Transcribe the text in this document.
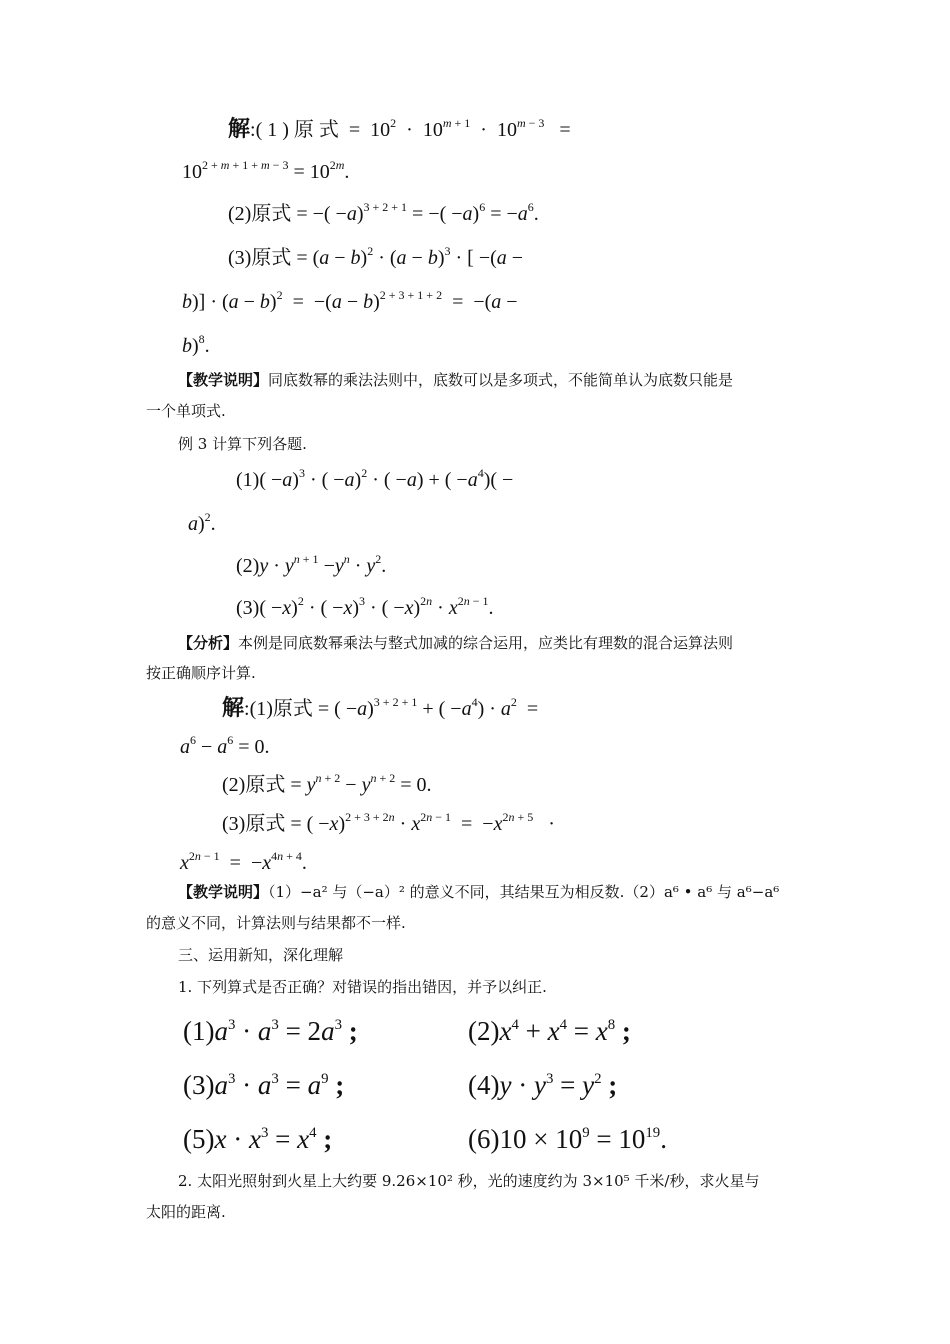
解:( 1 ) 原 式  =  $10^2 \cdot 10^{m + 1} \cdot 10^{m - 3}$   =
$10^{2 + m + 1 + m - 3} = 10^{2m}$.
(2)原式 = −( −a)$^{3 + 2 + 1}$ = −( $-a)^6 = -a^6$.
(3)原式 = $(a - b)^2 \cdot (a - b)^3$ · [ −(a −
$b)] \cdot (a - b)^2 = -(a - b)^{2 + 3 + 1 + 2} = -(a$ −
b)$^8$.
【教学说明】同底数幂的乘法法则中，底数可以是多项式，不能简单认为底数只能是
一个单项式.
例 3 计算下列各题.
$(1)( -a)^3$ · ( −a)$^2$ · ( −a) + ( $-a^4$)( −
a)$^2$.
$(2)y \cdot y^{n + 1} -y^n \cdot y^2$.
$(3)( -x)^2$ · ( −x)$^3$ · ( $-x)^{2n} \cdot x^{2n - 1}$.
【分析】本例是同底数幂乘法与整式加减的综合运用，应类比有理数的混合运算法则
按正确顺序计算.
解:(1)原式 = ( −a)$^{3 + 2 + 1}$ + ( $-a^4) \cdot a^2$  =
$a^6 - a^6 = 0$.
(2)原式 = $y^{n + 2} - y^{n + 2} = 0$.
(3)原式 = ( $-x)^{2 + 3 + 2n} \cdot x^{2n - 1} = -x^{2n + 5}$   ·
$x^{2n - 1} = -x^{4n + 4}$.
【教学说明】（1）−a² 与（−a）² 的意义不同，其结果互为相反数.（2）a⁶ • a⁶ 与 a⁶−a⁶
的意义不同，计算法则与结果都不一样.
三、运用新知，深化理解
1. 下列算式是否正确？对错误的指出错因，并予以纠正.
$(1)a^3 \cdot a^3 = 2a^3$ ;	$(2)x^4 + x^4 = x^8$ ;
$(3)a^3 \cdot a^3 = a^9$ ;	$(4)y \cdot y^3 = y^2$ ;
$(5)x \cdot x^3 = x^4$ ;	$(6)10 \times 10^9 = 10^{19}$.
2. 太阳光照射到火星上大约要 9.26×10² 秒，光的速度约为 3×10⁵ 千米/秒，求火星与
太阳的距离.
